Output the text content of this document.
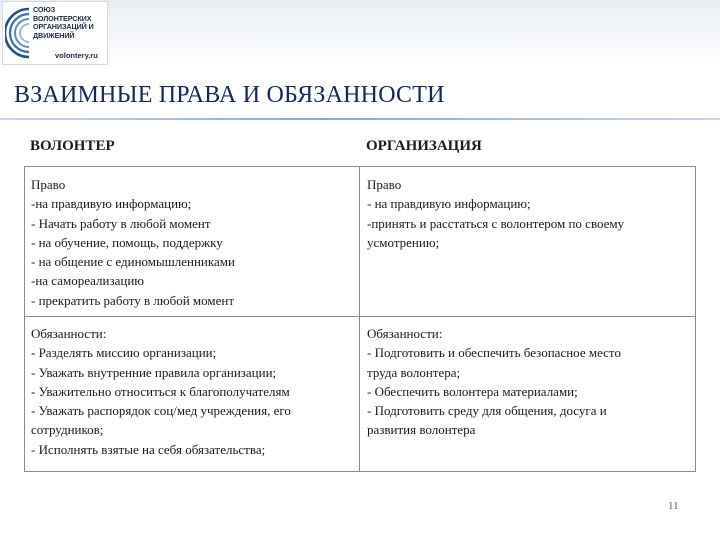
СОЮЗ
ВОЛОНТЕРСКИХ
ОРГАНИЗАЦИЙ И
ДВИЖЕНИЙ
volontery.ru
ВЗАИМНЫЕ ПРАВА И ОБЯЗАННОСТИ
ВОЛОНТЕР	ОРГАНИЗАЦИЯ
Право
-на правдивую информацию;
- Начать работу в любой момент
- на обучение, помощь, поддержку
- на общение с единомышленниками
-на самореализацию
- прекратить работу в любой момент
Право
- на правдивую информацию;
-принять и расстаться с волонтером по своему
усмотрению;
Обязанности:
- Разделять миссию организации;
- Уважать внутренние правила организации;
- Уважительно относиться к благополучателям
- Уважать распорядок соц/мед учреждения, его
сотрудников;
- Исполнять взятые на себя обязательства;
Обязанности:
- Подготовить и обеспечить безопасное место
труда волонтера;
- Обеспечить волонтера материалами;
- Подготовить среду для общения, досуга и
развития волонтера
11
